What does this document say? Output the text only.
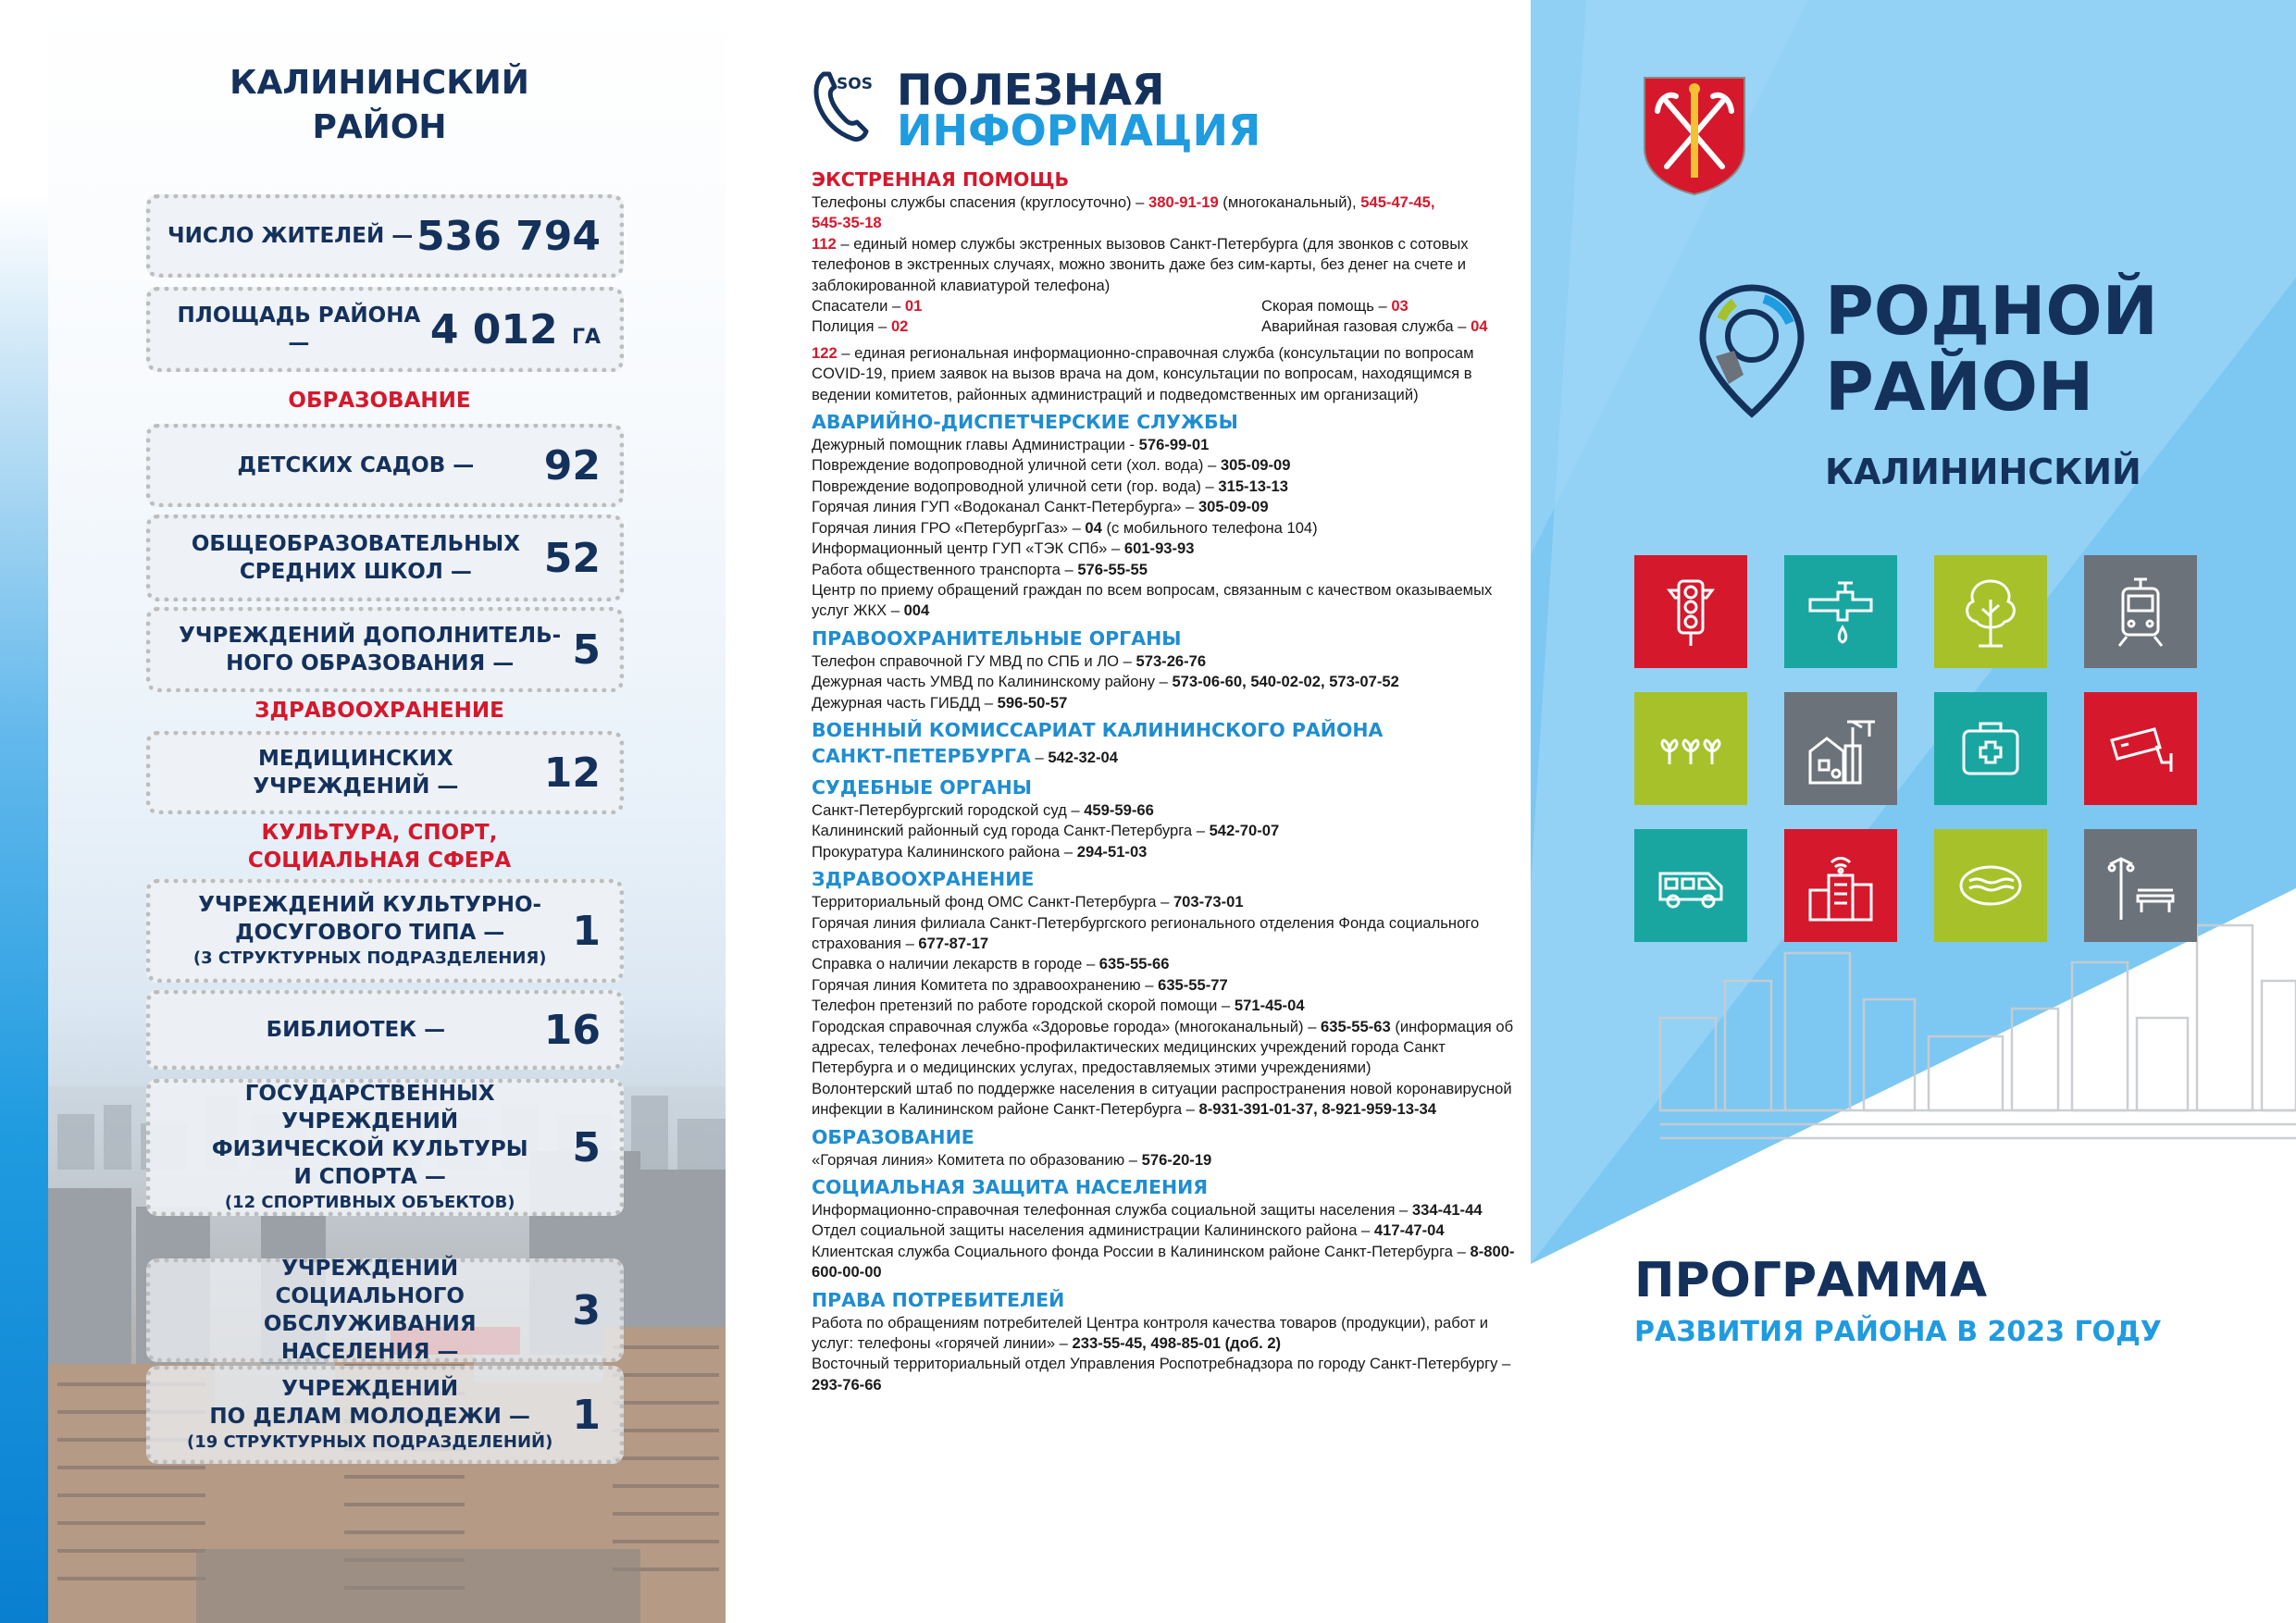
КАЛИНИНСКИЙ
РАЙОН
ЧИСЛО ЖИТЕЛЕЙ — 536 794
ПЛОЩАДЬ РАЙОНА —	4 012 ГА
ОБРАЗОВАНИЕ
ДЕТСКИХ САДОВ —	92
ОБЩЕОБРАЗОВАТЕЛЬНЫХ
СРЕДНИХ ШКОЛ —	52
УЧРЕЖДЕНИЙ ДОПОЛНИТЕЛЬ-
НОГО ОБРАЗОВАНИЯ —	5
ЗДРАВООХРАНЕНИЕ
МЕДИЦИНСКИХ УЧРЕЖДЕНИЙ —	12
КУЛЬТУРА, СПОРТ,
СОЦИАЛЬНАЯ СФЕРА
УЧРЕЖДЕНИЙ КУЛЬТУРНО-
ДОСУГОВОГО ТИПА —
(3 СТРУКТУРНЫХ ПОДРАЗДЕЛЕНИЯ)
1
БИБЛИОТЕК —	16
ГОСУДАРСТВЕННЫХ УЧРЕЖДЕНИЙ
ФИЗИЧЕСКОЙ КУЛЬТУРЫ
И СПОРТА —
(12 СПОРТИВНЫХ ОБЪЕКТОВ)
5
УЧРЕЖДЕНИЙ
СОЦИАЛЬНОГО ОБСЛУЖИВАНИЯ
НАСЕЛЕНИЯ —
3
УЧРЕЖДЕНИЙ
ПО ДЕЛАМ МОЛОДЕЖИ —
(19 СТРУКТУРНЫХ ПОДРАЗДЕЛЕНИЙ)
1
SOS ПОЛЕЗНАЯ
ИНФОРМАЦИЯ
ЭКСТРЕННАЯ ПОМОЩЬ
Телефоны службы спасения (круглосуточно) – 380-91-19 (многоканальный), 545-47-45,
545-35-18
112 – единый номер службы экстренных вызовов Санкт-Петербурга (для звонков с сотовых телефонов в экстренных случаях, можно звонить даже без сим-карты, без денег на счете и заблокированной клавиатурой телефона)
Спасатели – 01
Полиция – 02
Скорая помощь – 03
Аварийная газовая служба – 04
122 – единая региональная информационно-справочная служба (консультации по вопросам COVID-19, прием заявок на вызов врача на дом, консультации по вопросам, находящимся в ведении комитетов, районных администраций и подведомственных им организаций)
АВАРИЙНО-ДИСПЕТЧЕРСКИЕ СЛУЖБЫ
Дежурный помощник главы Администрации - 576-99-01
Повреждение водопроводной уличной сети (хол. вода) – 305-09-09
Повреждение водопроводной уличной сети (гор. вода) – 315-13-13
Горячая линия ГУП «Водоканал Санкт-Петербурга» – 305-09-09
Горячая линия ГРО «ПетербургГаз» – 04 (с мобильного телефона 104)
Информационный центр ГУП «ТЭК СПб» – 601-93-93
Работа общественного транспорта – 576-55-55
Центр по приему обращений граждан по всем вопросам, связанным с качеством оказываемых услуг ЖКХ – 004
ПРАВООХРАНИТЕЛЬНЫЕ ОРГАНЫ
Телефон справочной ГУ МВД по СПБ и ЛО – 573-26-76
Дежурная часть УМВД по Калининскому району – 573-06-60, 540-02-02, 573-07-52
Дежурная часть ГИБДД – 596-50-57
ВОЕННЫЙ КОМИССАРИАТ КАЛИНИНСКОГО РАЙОНА
САНКТ-ПЕТЕРБУРГА – 542-32-04
СУДЕБНЫЕ ОРГАНЫ
Санкт-Петербургский городской суд – 459-59-66
Калининский районный суд города Санкт-Петербурга – 542-70-07
Прокуратура Калининского района – 294-51-03
ЗДРАВООХРАНЕНИЕ
Территориальный фонд ОМС Санкт-Петербурга – 703-73-01
Горячая линия филиала Санкт-Петербургского регионального отделения Фонда социального страхования – 677-87-17
Справка о наличии лекарств в городе – 635-55-66
Горячая линия Комитета по здравоохранению – 635-55-77
Телефон претензий по работе городской скорой помощи – 571-45-04
Городская справочная служба «Здоровье города» (многоканальный) – 635-55-63 (информация об адресах, телефонах лечебно-профилактических медицинских учреждений города Санкт Петербурга и о медицинских услугах, предоставляемых этими учреждениями)
Волонтерский штаб по поддержке населения в ситуации распространения новой коронавирусной инфекции в Калининском районе Санкт-Петербурга – 8-931-391-01-37, 8-921-959-13-34
ОБРАЗОВАНИЕ
«Горячая линия» Комитета по образованию – 576-20-19
СОЦИАЛЬНАЯ ЗАЩИТА НАСЕЛЕНИЯ
Информационно-справочная телефонная служба социальной защиты населения – 334-41-44
Отдел социальной защиты населения администрации Калининского района – 417-47-04
Клиентская служба Социального фонда России в Калининском районе Санкт-Петербурга – 8-800-600-00-00
ПРАВА ПОТРЕБИТЕЛЕЙ
Работа по обращениям потребителей Центра контроля качества товаров (продукции), работ и услуг: телефоны «горячей линии» – 233-55-45, 498-85-01 (доб. 2)
Восточный территориальный отдел Управления Роспотребнадзора по городу Санкт-Петербургу – 293-76-66
РОДНОЙ
РАЙОН
КАЛИНИНСКИЙ
ПРОГРАММА
РАЗВИТИЯ РАЙОНА В 2023 ГОДУ
